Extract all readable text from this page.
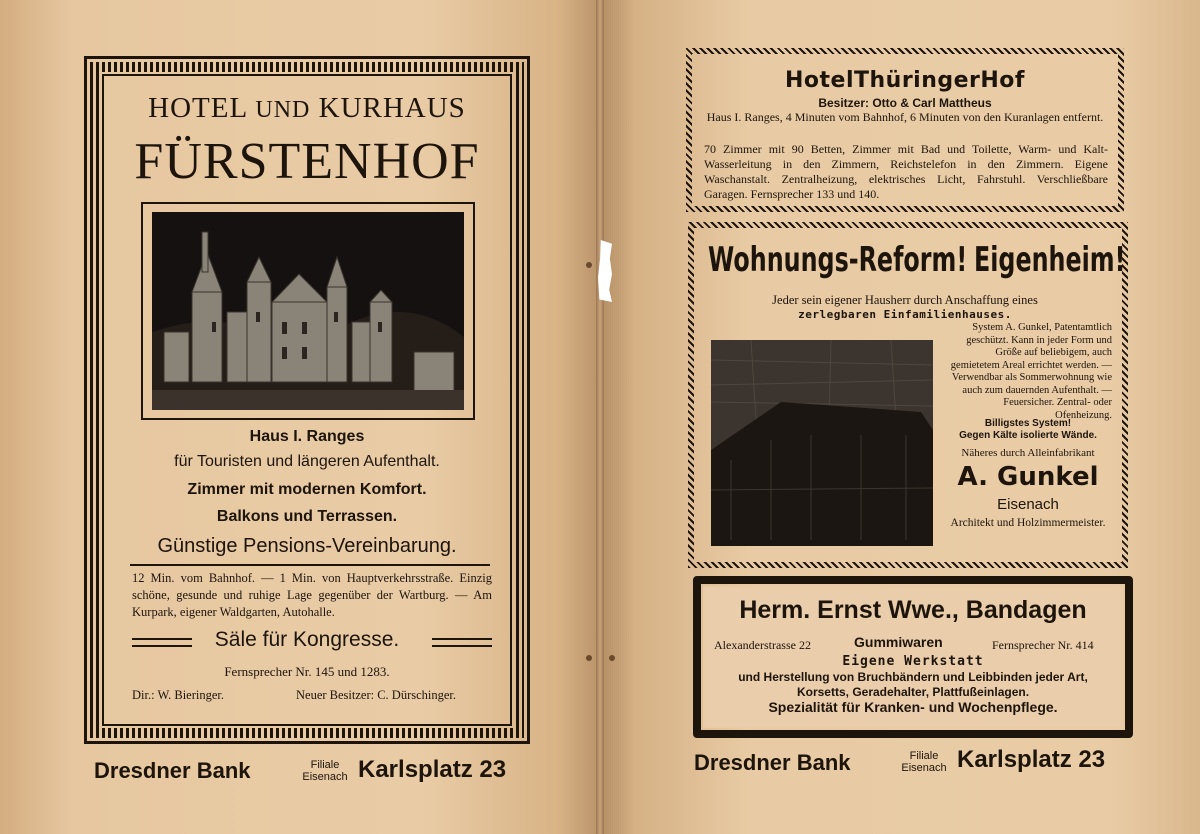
HOTEL UND KURHAUS
FÜRSTENHOF
Haus I. Ranges
für Touristen und längeren Aufenthalt.
Zimmer mit modernen Komfort.
Balkons und Terrassen.
Günstige Pensions-Vereinbarung.
12 Min. vom Bahnhof. — 1 Min. von Hauptverkehrsstraße. Einzig schöne, gesunde und ruhige Lage gegenüber der Wartburg. — Am Kurpark, eigener Waldgarten, Autohalle.
Säle für Kongresse.
Fernsprecher Nr. 145 und 1283.
Dir.: W. Bieringer.	Neuer Besitzer: C. Dürschinger.
Dresdner Bank	Filiale
Eisenach Karlsplatz 23
HotelThüringerHof
Besitzer: Otto & Carl Mattheus
Haus I. Ranges, 4 Minuten vom Bahnhof, 6 Minuten von den Kuranlagen entfernt.
70 Zimmer mit 90 Betten, Zimmer mit Bad und Toilette, Warm- und Kalt-Wasserleitung in den Zimmern, Reichstelefon in den Zimmern. Eigene Waschanstalt. Zentralheizung, elektrisches Licht, Fahrstuhl. Verschließbare Garagen. Fernsprecher 133 und 140.
Wohnungs-Reform! Eigenheim!
Jeder sein eigener Hausherr durch Anschaffung eines
zerlegbaren Einfamilienhauses.
System A. Gunkel, Patentamtlich geschützt. Kann in jeder Form und Größe auf beliebigem, auch gemietetem Areal errichtet werden. — Verwendbar als Sommerwohnung wie auch zum dauernden Aufenthalt. — Feuersicher. Zentral- oder Ofenheizung.
Billigstes System!
Gegen Kälte isolierte Wände.
Näheres durch Alleinfabrikant
A. Gunkel
Eisenach
Architekt und Holzimmermeister.
Herm. Ernst Wwe., Bandagen
Alexanderstrasse 22	Gummiwaren	Fernsprecher Nr. 414
Eigene Werkstatt
und Herstellung von Bruchbändern und Leibbinden jeder Art, Korsetts, Geradehalter, Plattfußeinlagen.
Spezialität für Kranken- und Wochenpflege.
Dresdner Bank	Filiale
Eisenach Karlsplatz 23
